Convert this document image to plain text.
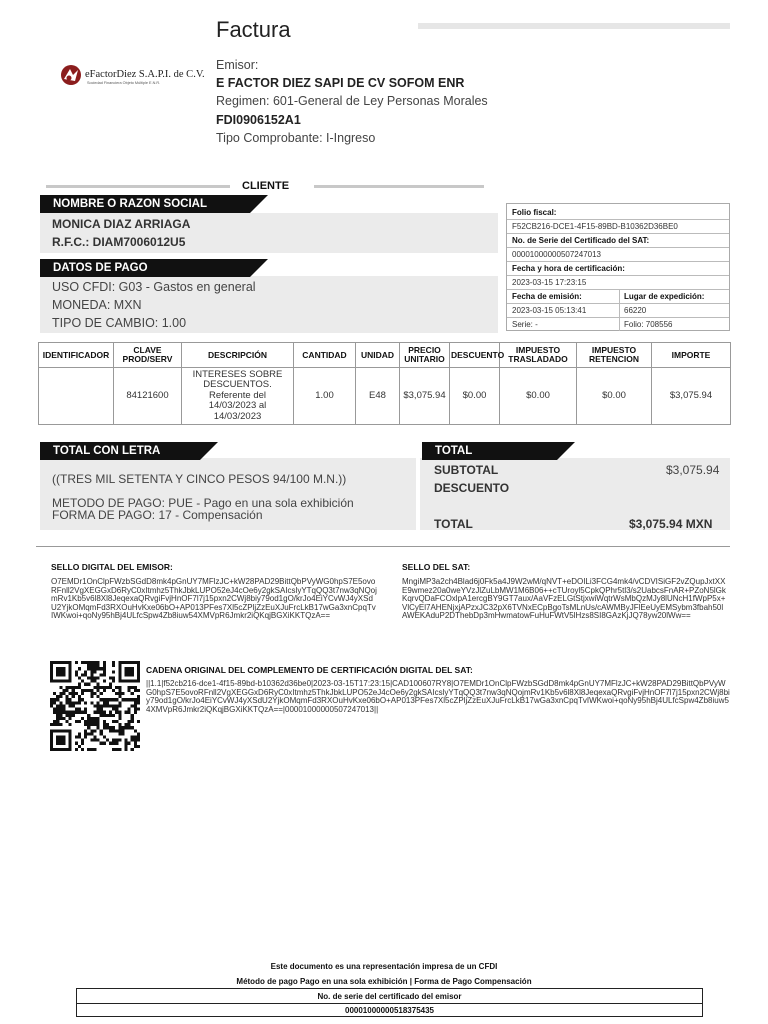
Factura
eFactorDiez S.A.P.I. de C.V.
Sociedad Financiera Objeto Múltiple E.N.R.
Emisor:
E FACTOR DIEZ SAPI DE CV SOFOM ENR
Regimen: 601-General de Ley Personas Morales
FDI0906152A1
Tipo Comprobante: I-Ingreso
CLIENTE
NOMBRE O RAZON SOCIAL
MONICA DIAZ ARRIAGA
R.F.C.: DIAM7006012U5
DATOS DE PAGO
USO CFDI: G03 - Gastos en general
MONEDA: MXN
TIPO DE CAMBIO: 1.00
Folio fiscal:
F52CB216-DCE1-4F15-89BD-B10362D36BE0
No. de Serie del Certificado del SAT:
00001000000507247013
Fecha y hora de certificación:
2023-03-15 17:23:15
Fecha de emisión:	Lugar de expedición:
2023-03-15 05:13:41	66220
Serie: -	Folio: 708556
IDENTIFICADOR	CLAVE PROD/SERV	DESCRIPCIÓN	CANTIDAD	UNIDAD	PRECIO UNITARIO	DESCUENTO	IMPUESTO TRASLADADO	IMPUESTO RETENCION	IMPORTE
	84121600	INTERESES SOBRE DESCUENTOS. Referente del 14/03/2023 al 14/03/2023	1.00	E48	$3,075.94	$0.00	$0.00	$0.00	$3,075.94
TOTAL CON LETRA
((TRES MIL SETENTA Y CINCO PESOS 94/100 M.N.))
METODO DE PAGO: PUE - Pago en una sola exhibición
FORMA DE PAGO: 17 - Compensación
TOTAL
SUBTOTAL	$3,075.94
DESCUENTO
TOTAL	$3,075.94 MXN
SELLO DIGITAL DEL EMISOR:
O7EMDr1OnClpFWzbSGdD8mk4pGnUY7MFlzJC+kW28PAD29BittQbPVyWG0hpS7E5ovoRFnll2VgXEGGxD6RyC0xItmhz5ThkJbkLUPO52eJ4cOe6y2gkSAIcslyYTqQQ3t7nw3qNQojmRv1Kb5v6l8Xl8JeqexaQRvgiFvjHnOF7l7j15pxn2CWj8biy79od1gO/krJo4EiYCvWJ4yXSdU2YjkOMqmFd3RXOuHvKxe06bO+AP013PFes7Xl5cZPljZzEuXJuFrcLkB17wGa3xnCpqTvIWKwoi+qoNy95hBj4ULfcSpw4Zb8iuw54XMVpR6Jmkr2iQKqjBGXiKKTQzA==
SELLO DEL SAT:
MngiMP3a2ch4Blad6j0Fk5a4J9W2wM/qNVT+eDOILi3FCG4mk4/vCDVISiGF2vZQupJxtXXE9wmez20a0weYVzJlZuLbMW1M6B06++cTUroyl5CpkQPhr5tl3/s2UabcsFnAR+PZoN5lGkKqrvQDaFCOxlpA1ercgBY9GT7aux/AaVFzELGtStjxwiWqtrWsMbQzMJy8lUNcH1fWpP5x+VlCyEl7AHENjxjAPzxJC32pX6TVNxECpBgoTsMLnUs/cAWMByJFlEeUyEMSybm3fbah50lAWEKAduP2DThebDp3mHwmatowFuHuFWtV5lHzs8SI8GAzKjJQ78yw20lWw==
CADENA ORIGINAL DEL COMPLEMENTO DE CERTIFICACIÓN DIGITAL DEL SAT:
||1.1|f52cb216-dce1-4f15-89bd-b10362d36be0|2023-03-15T17:23:15|CAD100607RY8|O7EMDr1OnClpFWzbSGdD8mk4pGnUY7MFlzJC+kW28PAD29BittQbPVyWG0hpS7E5ovoRFnll2VgXEGGxD6RyC0xItmhz5ThkJbkLUPO52eJ4cOe6y2gkSAIcslyYTqQQ3t7nw3qNQojmRv1Kb5v6l8Xl8JeqexaQRvgiFvjHnOF7l7j15pxn2CWj8biy79od1gO/krJo4EiYCvWJ4yXSdU2YjkOMqmFd3RXOuHvKxe06bO+AP013PFes7Xl5cZPljZzEuXJuFrcLkB17wGa3xnCpqTvIWKwoi+qoNy95hBj4ULfcSpw4Zb8iuw54XMVpR6Jmkr2iQKqjBGXiKKTQzA==|00001000000507247013||
Este documento es una representación impresa de un CFDI
Método de pago Pago en una sola exhibición | Forma de Pago Compensación
No. de serie del certificado del emisor
00001000000518375435
